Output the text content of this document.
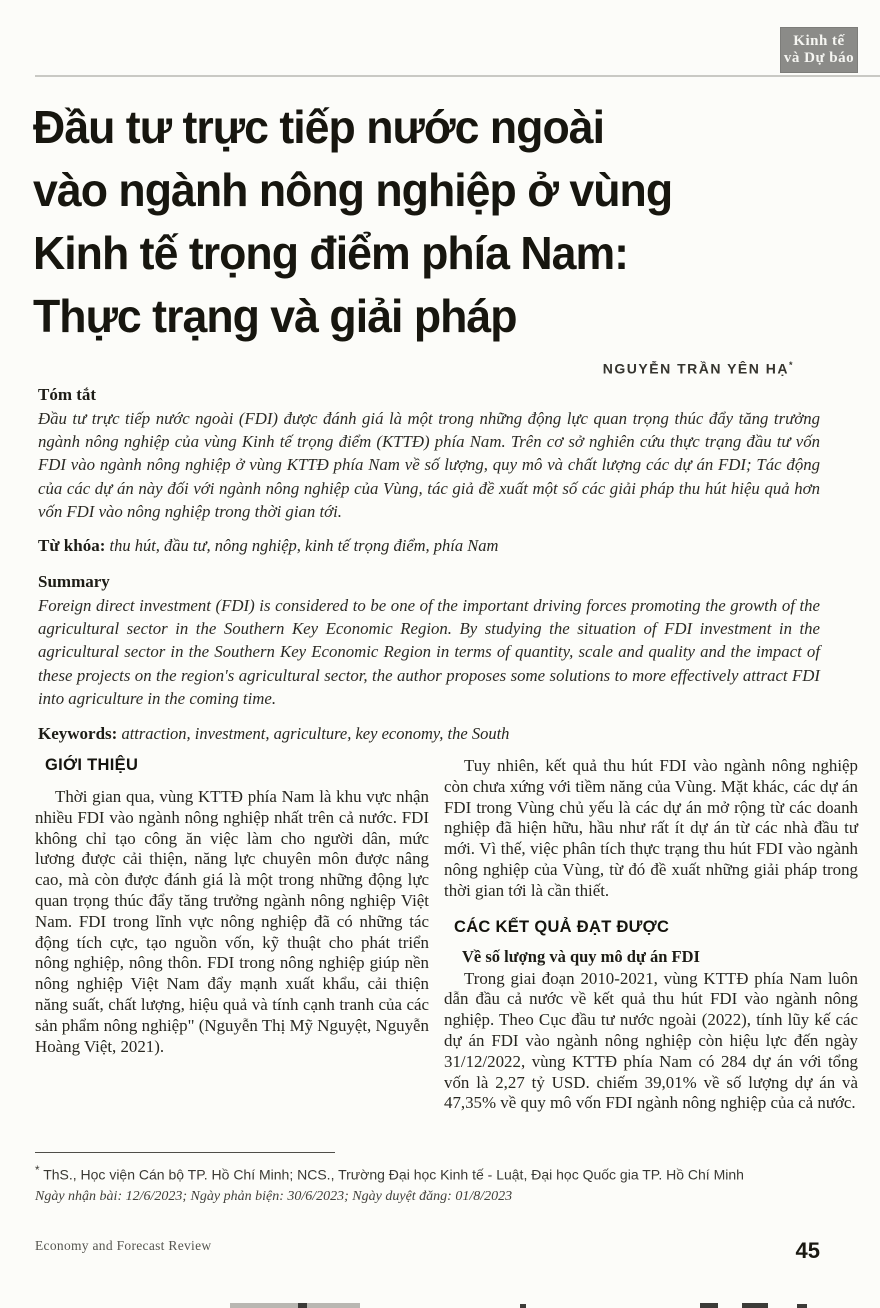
Kinh tế
và Dự báo
Đầu tư trực tiếp nước ngoài
vào ngành nông nghiệp ở vùng
Kinh tế trọng điểm phía Nam:
Thực trạng và giải pháp
NGUYỄN TRẦN YÊN HẠ*
Tóm tắt
Đầu tư trực tiếp nước ngoài (FDI) được đánh giá là một trong những động lực quan trọng thúc đẩy tăng trưởng ngành nông nghiệp của vùng Kinh tế trọng điểm (KTTĐ) phía Nam. Trên cơ sở nghiên cứu thực trạng đầu tư vốn FDI vào ngành nông nghiệp ở vùng KTTĐ phía Nam về số lượng, quy mô và chất lượng các dự án FDI; Tác động của các dự án này đối với ngành nông nghiệp của Vùng, tác giả đề xuất một số các giải pháp thu hút hiệu quả hơn vốn FDI vào nông nghiệp trong thời gian tới.
Từ khóa: thu hút, đầu tư, nông nghiệp, kinh tế trọng điểm, phía Nam
Summary
Foreign direct investment (FDI) is considered to be one of the important driving forces promoting the growth of the agricultural sector in the Southern Key Economic Region. By studying the situation of FDI investment in the agricultural sector in the Southern Key Economic Region in terms of quantity, scale and quality and the impact of these projects on the region's agricultural sector, the author proposes some solutions to more effectively attract FDI into agriculture in the coming time.
Keywords: attraction, investment, agriculture, key economy, the South
GIỚI THIỆU

Thời gian qua, vùng KTTĐ phía Nam là khu vực nhận nhiều FDI vào ngành nông nghiệp nhất trên cả nước. FDI không chỉ tạo công ăn việc làm cho người dân, mức lương được cải thiện, năng lực chuyên môn được nâng cao, mà còn được đánh giá là một trong những động lực quan trọng thúc đẩy tăng trưởng ngành nông nghiệp Việt Nam. FDI trong lĩnh vực nông nghiệp đã có những tác động tích cực, tạo nguồn vốn, kỹ thuật cho phát triển nông nghiệp, nông thôn. FDI trong nông nghiệp giúp nền nông nghiệp Việt Nam đẩy mạnh xuất khẩu, cải thiện năng suất, chất lượng, hiệu quả và tính cạnh tranh của các sản phẩm nông nghiệp" (Nguyễn Thị Mỹ Nguyệt, Nguyễn Hoàng Việt, 2021).

Tuy nhiên, kết quả thu hút FDI vào ngành nông nghiệp còn chưa xứng với tiềm năng của Vùng. Mặt khác, các dự án FDI trong Vùng chủ yếu là các dự án mở rộng từ các doanh nghiệp đã hiện hữu, hầu như rất ít dự án từ các nhà đầu tư mới. Vì thế, việc phân tích thực trạng thu hút FDI vào ngành nông nghiệp của Vùng, từ đó đề xuất những giải pháp trong thời gian tới là cần thiết.

CÁC KẾT QUẢ ĐẠT ĐƯỢC
Về số lượng và quy mô dự án FDI

Trong giai đoạn 2010-2021, vùng KTTĐ phía Nam luôn dẫn đầu cả nước về kết quả thu hút FDI vào ngành nông nghiệp. Theo Cục đầu tư nước ngoài (2022), tính lũy kế các dự án FDI vào ngành nông nghiệp còn hiệu lực đến ngày 31/12/2022, vùng KTTĐ phía Nam có 284 dự án với tổng vốn là 2,27 tỷ USD. chiếm 39,01% về số lượng dự án và 47,35% về quy mô vốn FDI ngành nông nghiệp của cả nước.

* ThS., Học viện Cán bộ TP. Hồ Chí Minh; NCS., Trường Đại học Kinh tế - Luật, Đại học Quốc gia TP. Hồ Chí Minh

Ngày nhận bài: 12/6/2023; Ngày phản biện: 30/6/2023; Ngày duyệt đăng: 01/8/2023

Economy and Forecast Review	45
